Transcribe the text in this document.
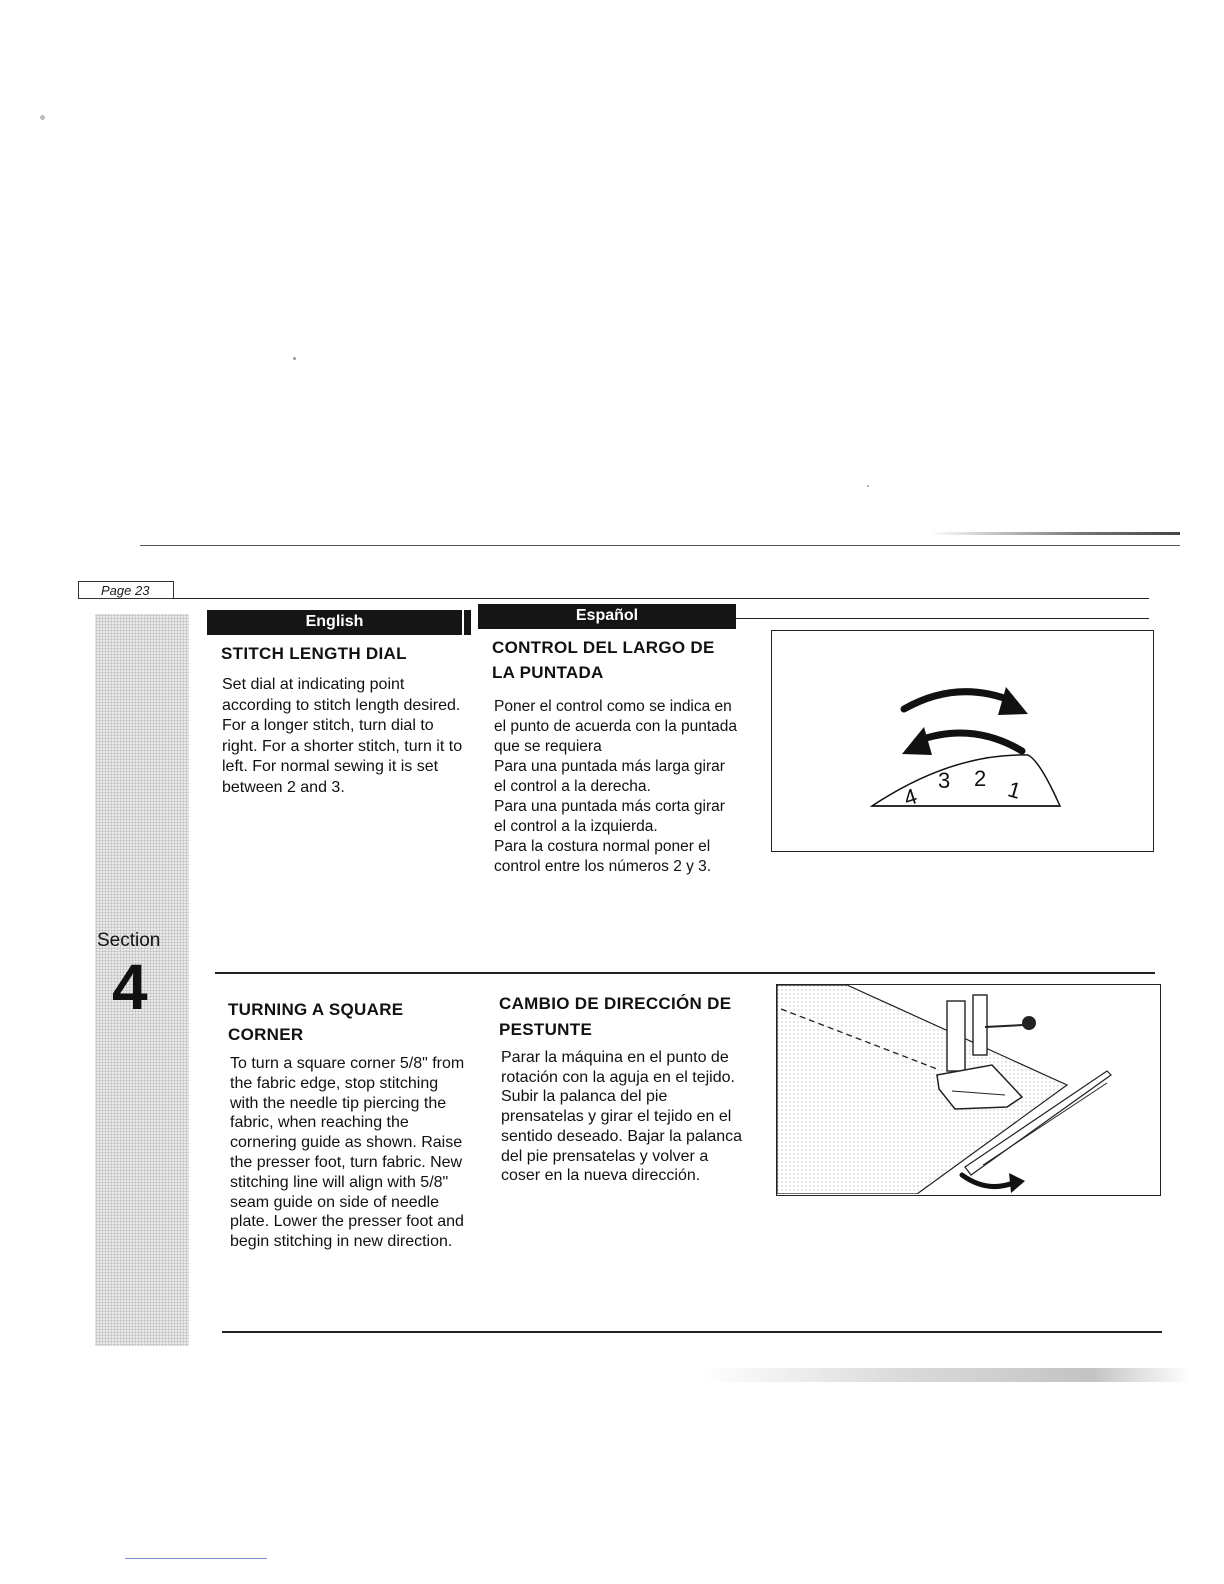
Page 23
Section
4
English	Español
STITCH LENGTH DIAL

Set dial at indicating point according to stitch length desired.

For a longer stitch, turn dial to right. For a shorter stitch, turn it to left. For normal sewing it is set between 2 and 3.

CONTROL DEL LARGO DE
LA PUNTADA

Poner el control como se indica en el punto de acuerda con la puntada que se requiera

Para una puntada más larga girar el control a la derecha.

Para una puntada más corta girar el control a la izquierda.

Para la costura normal poner el control entre los números 2 y 3.

4
3 2 1
TURNING A SQUARE
CORNER

To turn a square corner 5/8" from the fabric edge, stop stitching with the needle tip piercing the fabric, when reaching the cornering guide as shown. Raise the presser foot, turn fabric. New stitching line will align with 5/8" seam guide on side of needle plate. Lower the presser foot and begin stitching in new direction.

CAMBIO DE DIRECCIÓN DE
PESTUNTE

Parar la máquina en el punto de rotación con la aguja en el tejido. Subir la palanca del pie prensatelas y girar el tejido en el sentido deseado. Bajar la palanca del pie prensatelas y volver a coser en la nueva dirección.
